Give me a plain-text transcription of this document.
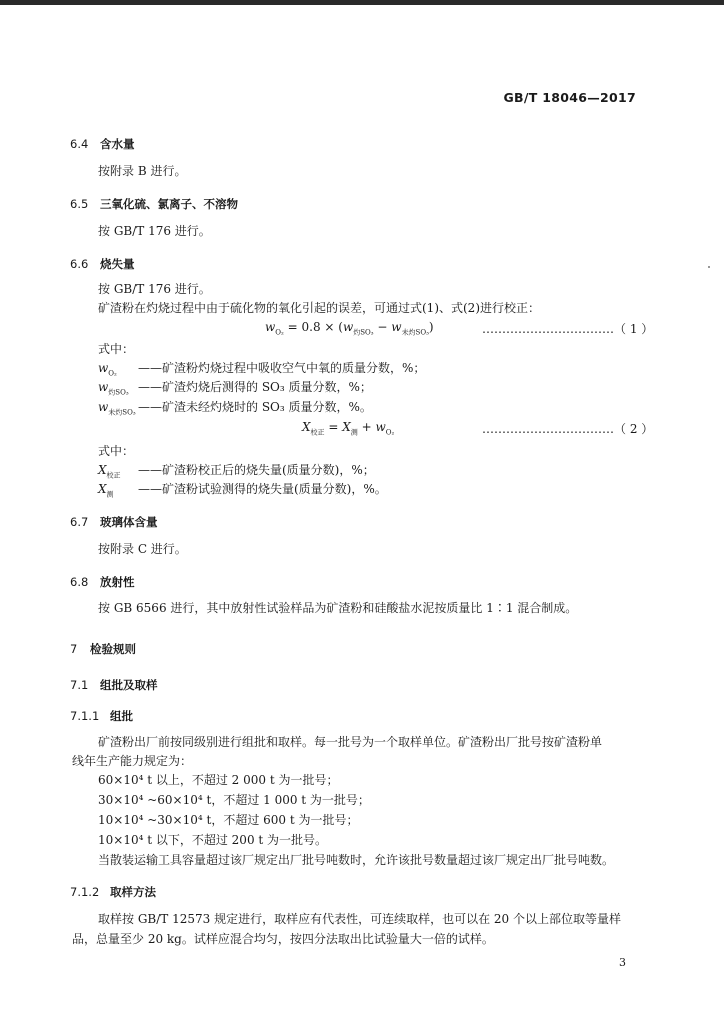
GB/T 18046—2017
6.4 含水量
按附录 B 进行。
6.5 三氧化硫、氯离子、不溶物
按 GB/T 176 进行。
6.6 烧失量
按 GB/T 176 进行。
矿渣粉在灼烧过程中由于硫化物的氧化引起的误差，可通过式(1)、式(2)进行校正：
$w_{O_2} = 0.8 \times (w_{灼SO_3} - w_{未灼SO_3})$	……………………………（ 1 ）
式中：
$w_{O_2}$ ——矿渣粉灼烧过程中吸收空气中氧的质量分数，%；
$w_{灼SO_3}$ ——矿渣灼烧后测得的 SO₃ 质量分数，%；
$w_{未灼SO_3}$ ——矿渣未经灼烧时的 SO₃ 质量分数，%。
$X_{校正} = X_测 + w_{O_2}$	……………………………（ 2 ）
式中：
$X_{校正}$ ——矿渣粉校正后的烧失量(质量分数)，%；
$X_测$ ——矿渣粉试验测得的烧失量(质量分数)，%。
6.7 玻璃体含量
按附录 C 进行。
6.8 放射性
按 GB 6566 进行，其中放射性试验样品为矿渣粉和硅酸盐水泥按质量比 1∶1 混合制成。
7 检验规则
7.1 组批及取样
7.1.1 组批
矿渣粉出厂前按同级别进行组批和取样。每一批号为一个取样单位。矿渣粉出厂批号按矿渣粉单
线年生产能力规定为：
60×10⁴ t 以上，不超过 2 000 t 为一批号；
30×10⁴ ~60×10⁴ t，不超过 1 000 t 为一批号；
10×10⁴ ~30×10⁴ t，不超过 600 t 为一批号；
10×10⁴ t 以下，不超过 200 t 为一批号。
当散装运输工具容量超过该厂规定出厂批号吨数时，允许该批号数量超过该厂规定出厂批号吨数。
7.1.2 取样方法
取样按 GB/T 12573 规定进行，取样应有代表性，可连续取样，也可以在 20 个以上部位取等量样
品，总量至少 20 kg。试样应混合均匀，按四分法取出比试验量大一倍的试样。
3
